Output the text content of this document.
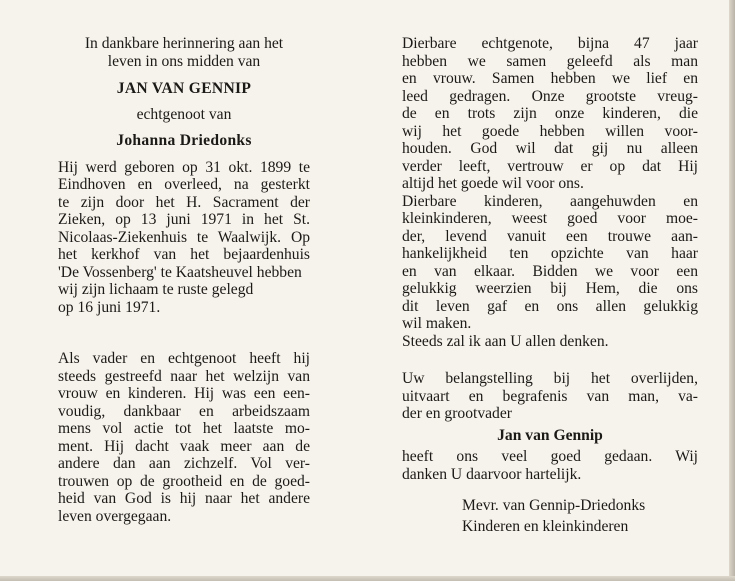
In dankbare herinnering aan het
leven in ons midden van
JAN VAN GENNIP
echtgenoot van
Johanna Driedonks
Hij werd geboren op 31 okt. 1899 te
Eindhoven en overleed, na gesterkt
te zijn door het H. Sacrament der
Zieken, op 13 juni 1971 in het St.
Nicolaas-Ziekenhuis te Waalwijk. Op
het kerkhof van het bejaardenhuis
'De Vossenberg' te Kaatsheuvel hebben wij zijn lichaam te ruste gelegd
op 16 juni 1971.
Als vader en echtgenoot heeft hij
steeds gestreefd naar het welzijn van
vrouw en kinderen. Hij was een een-
voudig, dankbaar en arbeidszaam
mens vol actie tot het laatste mo-
ment. Hij dacht vaak meer aan de
andere dan aan zichzelf. Vol ver-
trouwen op de grootheid en de goed-
heid van God is hij naar het andere
leven overgegaan.
Dierbare echtgenote, bijna 47 jaar
hebben we samen geleefd als man
en vrouw. Samen hebben we lief en
leed gedragen. Onze grootste vreug-
de en trots zijn onze kinderen, die
wij het goede hebben willen voor-
houden. God wil dat gij nu alleen
verder leeft, vertrouw er op dat Hij
altijd het goede wil voor ons.
Dierbare kinderen, aangehuwden en
kleinkinderen, weest goed voor moe-
der, levend vanuit een trouwe aan-
hankelijkheid ten opzichte van haar
en van elkaar. Bidden we voor een
gelukkig weerzien bij Hem, die ons
dit leven gaf en ons allen gelukkig
wil maken.
Steeds zal ik aan U allen denken.
Uw belangstelling bij het overlijden,
uitvaart en begrafenis van man, va-
der en grootvader
Jan van Gennip
heeft ons veel goed gedaan. Wij
danken U daarvoor hartelijk.
Mevr. van Gennip-Driedonks
Kinderen en kleinkinderen
